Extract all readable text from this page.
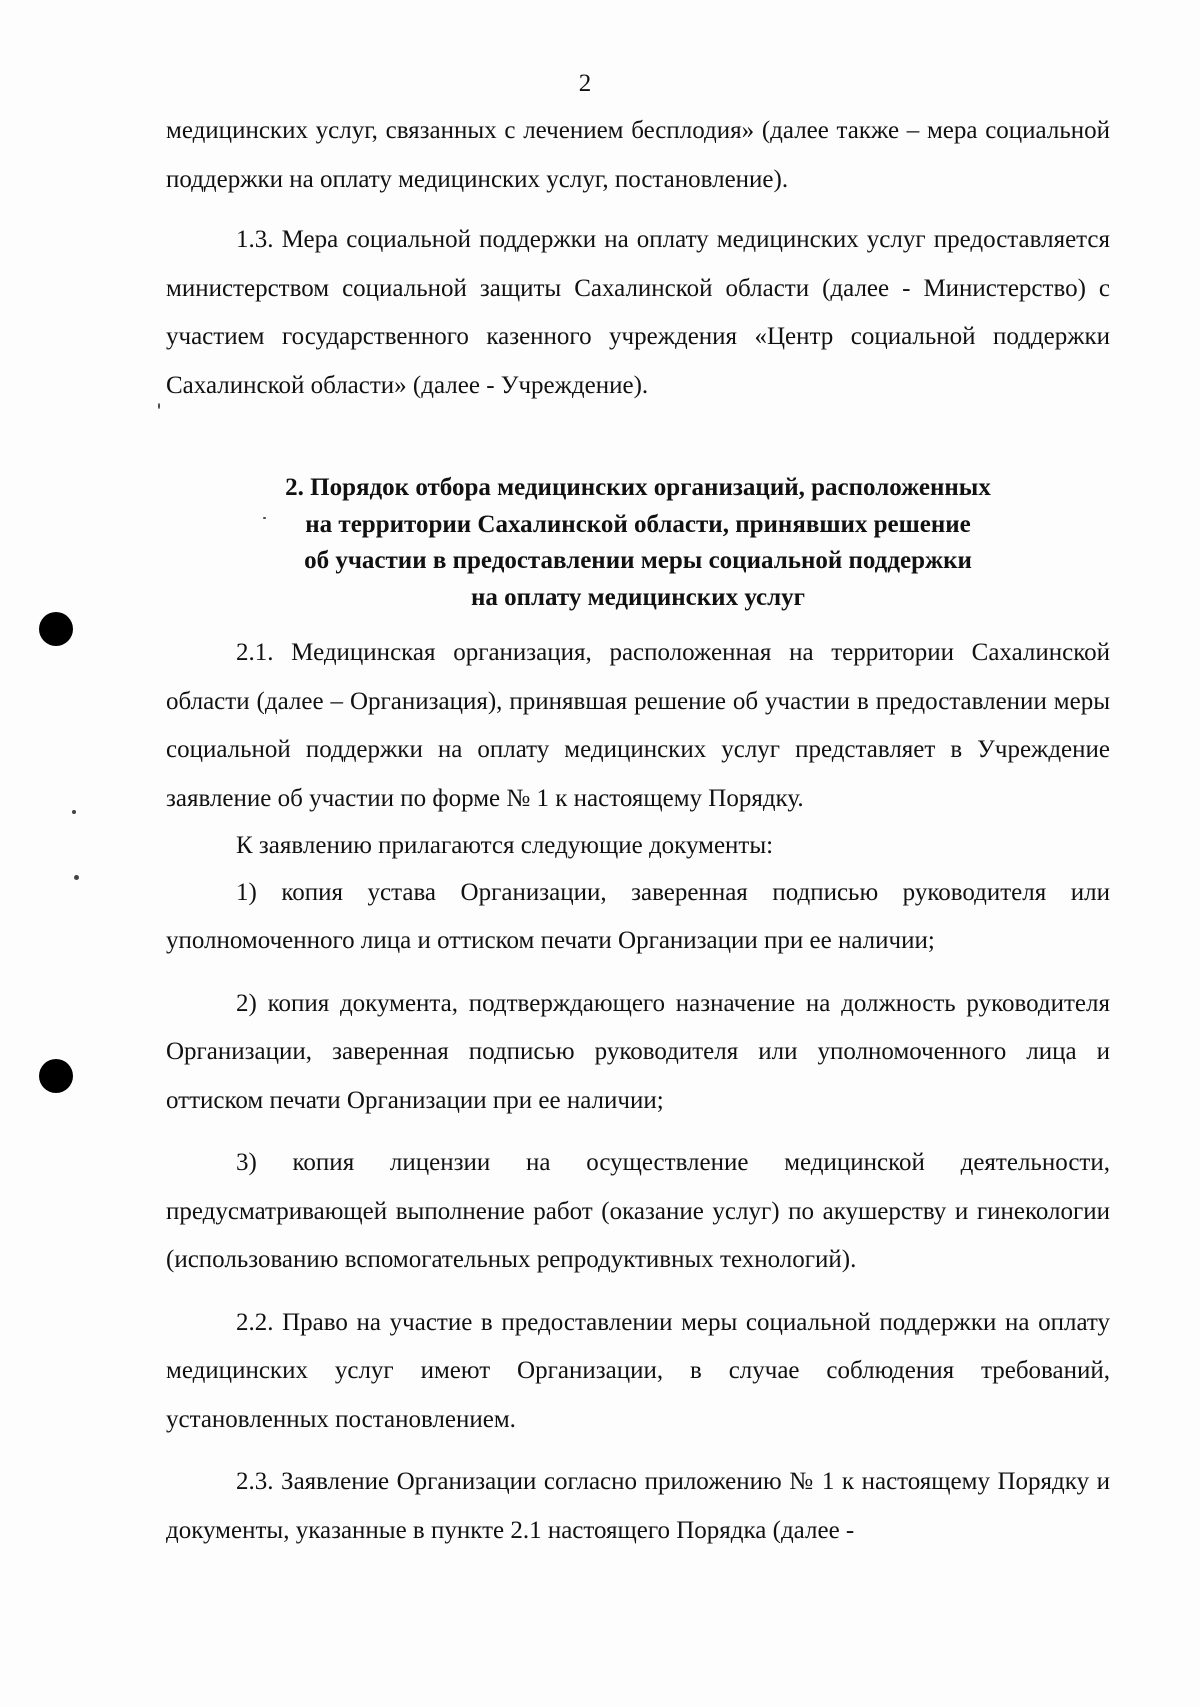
2

медицинских услуг, связанных с лечением бесплодия» (далее также – мера социальной поддержки на оплату медицинских услуг, постановление).

1.3. Мера социальной поддержки на оплату медицинских услуг предоставляется министерством социальной защиты Сахалинской области (далее - Министерство) с участием государственного казенного учреждения «Центр социальной поддержки Сахалинской области» (далее - Учреждение).

2. Порядок отбора медицинских организаций, расположенных
на территории Сахалинской области, принявших решение
об участии в предоставлении меры социальной поддержки
на оплату медицинских услуг

2.1. Медицинская организация, расположенная на территории Сахалинской области (далее – Организация), принявшая решение об участии в предоставлении меры социальной поддержки на оплату медицинских услуг представляет в Учреждение заявление об участии по форме № 1 к настоящему Порядку.

К заявлению прилагаются следующие документы:

1) копия устава Организации, заверенная подписью руководителя или уполномоченного лица и оттиском печати Организации при ее наличии;

2) копия документа, подтверждающего назначение на должность руководителя Организации, заверенная подписью руководителя или уполномоченного лица и оттиском печати Организации при ее наличии;

3) копия лицензии на осуществление медицинской деятельности, предусматривающей выполнение работ (оказание услуг) по акушерству и гинекологии (использованию вспомогательных репродуктивных технологий).

2.2. Право на участие в предоставлении меры социальной поддержки на оплату медицинских услуг имеют Организации, в случае соблюдения требований, установленных постановлением.

2.3. Заявление Организации согласно приложению № 1 к настоящему Порядку и документы, указанные в пункте 2.1 настоящего Порядка (далее -
